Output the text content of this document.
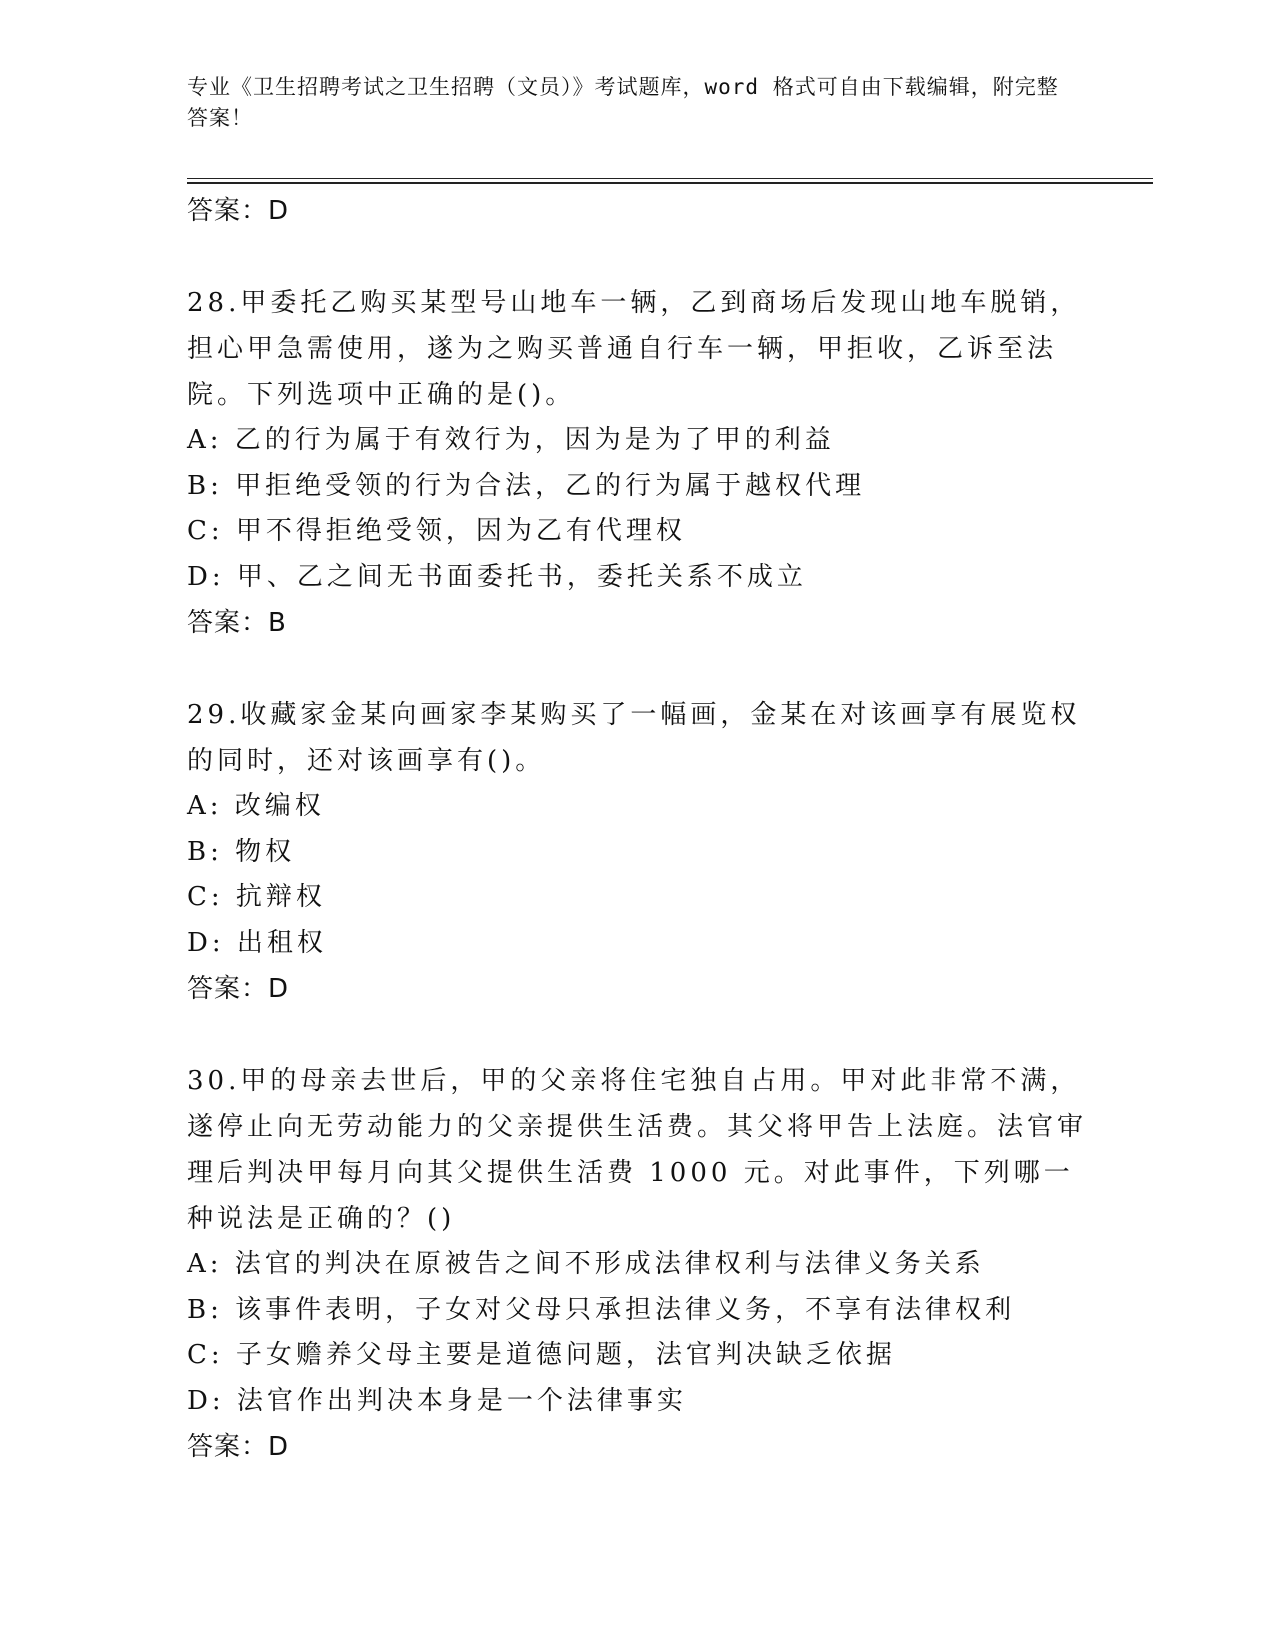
专业《卫生招聘考试之卫生招聘（文员）》考试题库，word 格式可自由下载编辑，附完整答案！

答案：D

28.甲委托乙购买某型号山地车一辆，乙到商场后发现山地车脱销，担心甲急需使用，遂为之购买普通自行车一辆，甲拒收，乙诉至法院。下列选项中正确的是()。

A: 乙的行为属于有效行为，因为是为了甲的利益

B: 甲拒绝受领的行为合法，乙的行为属于越权代理

C: 甲不得拒绝受领，因为乙有代理权

D: 甲、乙之间无书面委托书，委托关系不成立

答案：B

29.收藏家金某向画家李某购买了一幅画，金某在对该画享有展览权的同时，还对该画享有()。

A: 改编权

B: 物权

C: 抗辩权

D: 出租权

答案：D

30.甲的母亲去世后，甲的父亲将住宅独自占用。甲对此非常不满，遂停止向无劳动能力的父亲提供生活费。其父将甲告上法庭。法官审理后判决甲每月向其父提供生活费 1000 元。对此事件，下列哪一种说法是正确的？()

A: 法官的判决在原被告之间不形成法律权利与法律义务关系

B: 该事件表明，子女对父母只承担法律义务，不享有法律权利

C: 子女赡养父母主要是道德问题，法官判决缺乏依据

D: 法官作出判决本身是一个法律事实

答案：D
